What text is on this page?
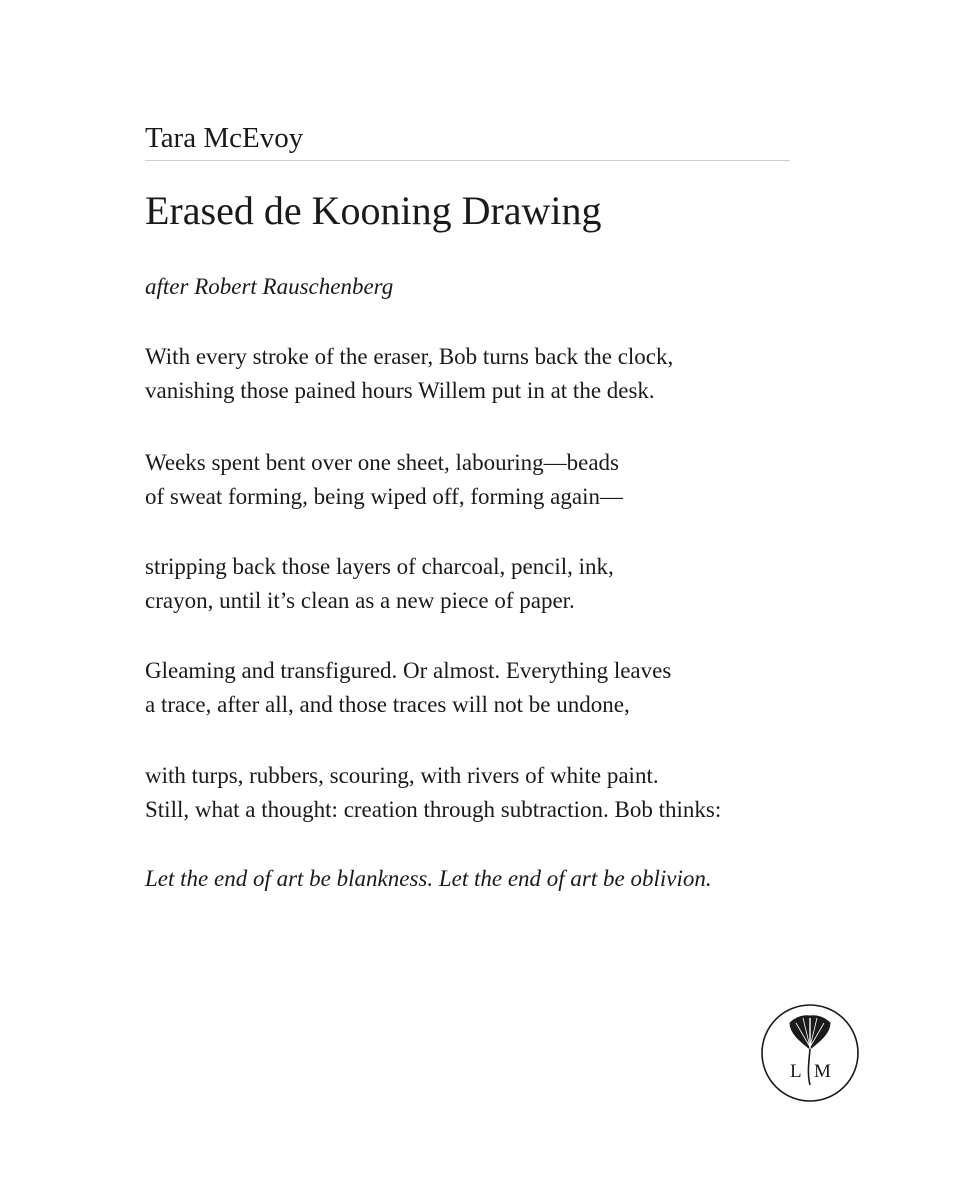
Tara McEvoy
Erased de Kooning Drawing

after Robert Rauschenberg

With every stroke of the eraser, Bob turns back the clock,
vanishing those pained hours Willem put in at the desk.

Weeks spent bent over one sheet, labouring—beads
of sweat forming, being wiped off, forming again—

stripping back those layers of charcoal, pencil, ink,
crayon, until it’s clean as a new piece of paper.

Gleaming and transfigured. Or almost. Everything leaves
a trace, after all, and those traces will not be undone,

with turps, rubbers, scouring, with rivers of white paint.
Still, what a thought: creation through subtraction. Bob thinks:

Let the end of art be blankness. Let the end of art be oblivion.

L M
